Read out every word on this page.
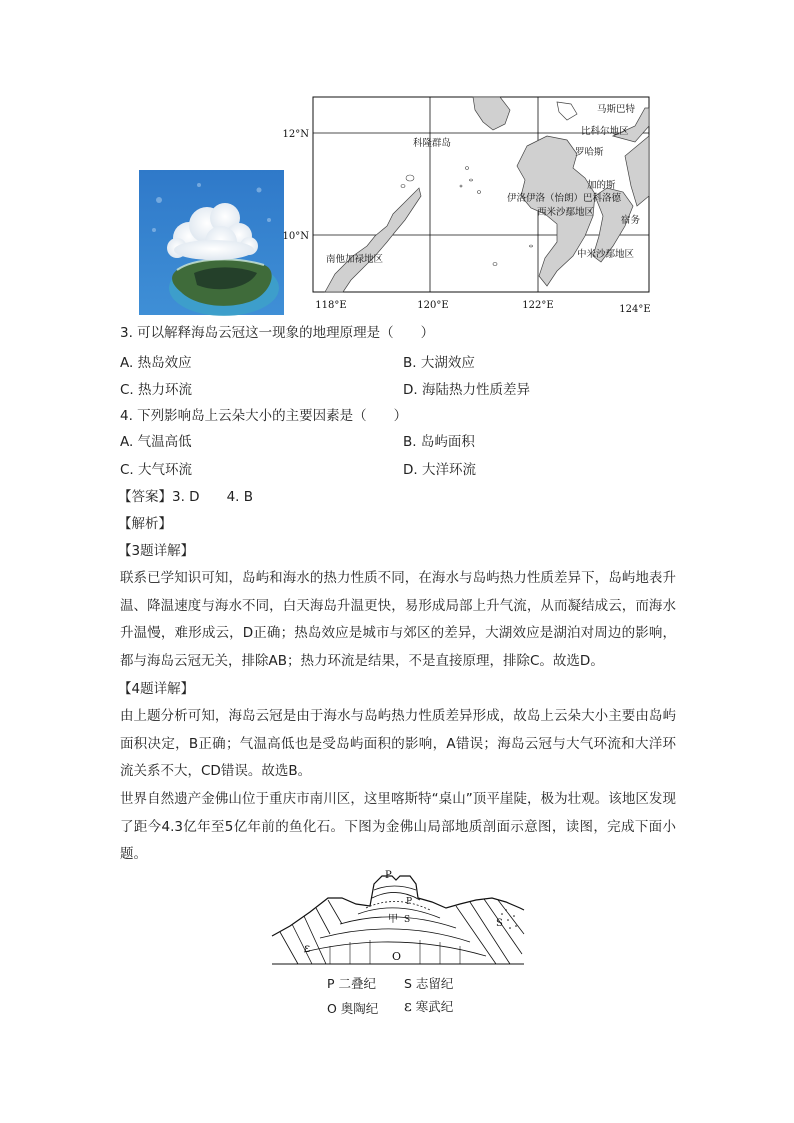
12°N
10°N
118°E	120°E	122°E	124°E
马斯巴特
比科尔地区
科隆群岛
罗哈斯
加的斯
伊洛伊洛（怡朗）巴科洛德
西米沙鄢地区
宿务
南他加禄地区	中米沙鄢地区
3. 可以解释海岛云冠这一现象的地理原理是（　　）
A. 热岛效应	B. 大湖效应
C. 热力环流	D. 海陆热力性质差异
4. 下列影响岛上云朵大小的主要因素是（　　）
A. 气温高低	B. 岛屿面积
C. 大气环流	D. 大洋环流
【答案】3. D　　4. B
【解析】
【3题详解】
联系已学知识可知，岛屿和海水的热力性质不同，在海水与岛屿热力性质差异下，岛屿地表升温、降温速度与海水不同，白天海岛升温更快，易形成局部上升气流，从而凝结成云，而海水升温慢，难形成云，D正确；热岛效应是城市与郊区的差异，大湖效应是湖泊对周边的影响，都与海岛云冠无关，排除AB；热力环流是结果，不是直接原理，排除C。故选D。
【4题详解】
由上题分析可知，海岛云冠是由于海水与岛屿热力性质差异形成，故岛上云朵大小主要由岛屿面积决定，B正确；气温高低也是受岛屿面积的影响，A错误；海岛云冠与大气环流和大洋环流关系不大，CD错误。故选B。
世界自然遗产金佛山位于重庆市南川区，这里喀斯特“桌山”顶平崖陡，极为壮观。该地区发现了距今4.3亿年至5亿年前的鱼化石。下图为金佛山局部地质剖面示意图，读图，完成下面小题。
P
P
甲 S	S
O
ε
P 二叠纪 S 志留纪
O 奥陶纪 ε 寒武纪
